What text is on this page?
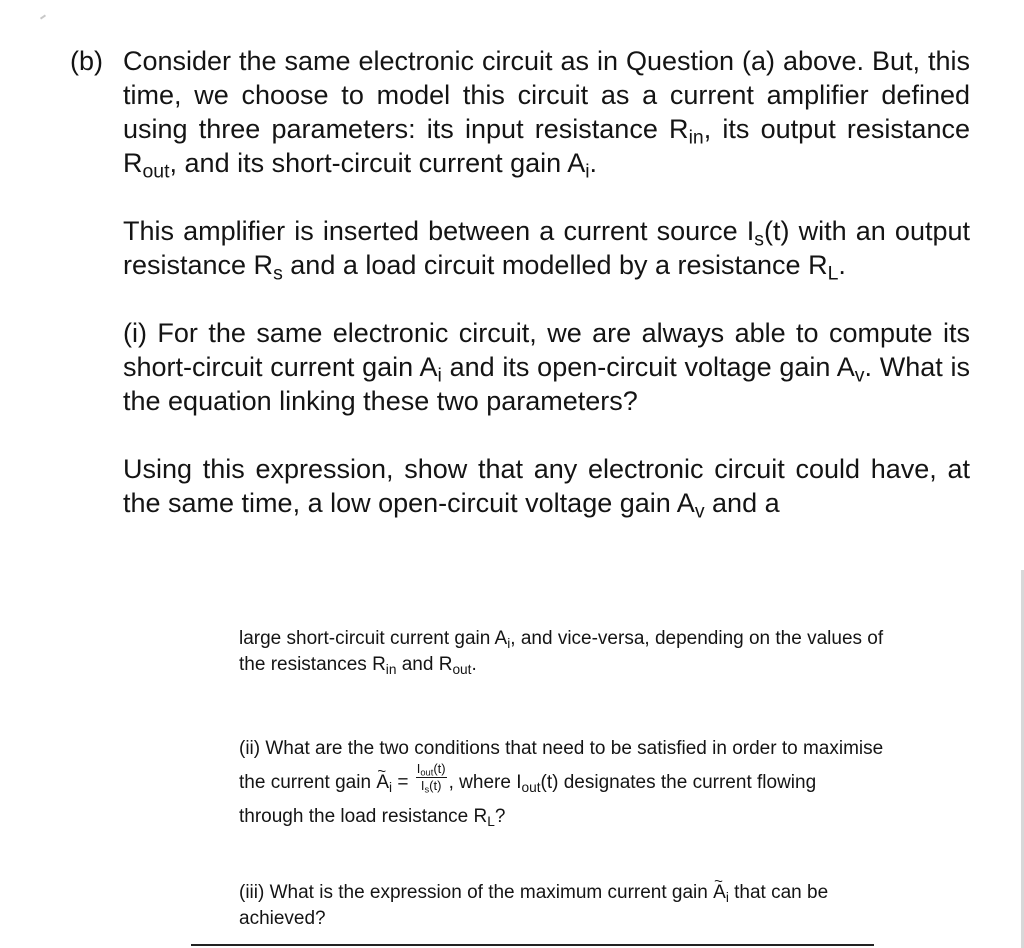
(b) Consider the same electronic circuit as in Question (a) above. But, this time, we choose to model this circuit as a current amplifier defined using three parameters: its input resistance $R_{in}$, its output resistance $R_{out}$, and its short-circuit current gain $A_i$.

This amplifier is inserted between a current source $I_s(t)$ with an output resistance $R_s$ and a load circuit modelled by a resistance $R_L$.

(i) For the same electronic circuit, we are always able to compute its short-circuit current gain $A_i$ and its open-circuit voltage gain $A_v$. What is the equation linking these two parameters?

Using this expression, show that any electronic circuit could have, at the same time, a low open-circuit voltage gain $A_v$ and a

large short-circuit current gain $A_i$, and vice-versa, depending on the values of the resistances $R_{in}$ and $R_{out}$.

(ii) What are the two conditions that need to be satisfied in order to maximise the current gain ~ $A_i = \frac{I_{out}(t)}{I_s(t)}$ , where $I_{out}(t)$ designates the current flowing through the load resistance $R_L$?

(iii) What is the expression of the maximum current gain ~ $A_i$ that can be achieved?
